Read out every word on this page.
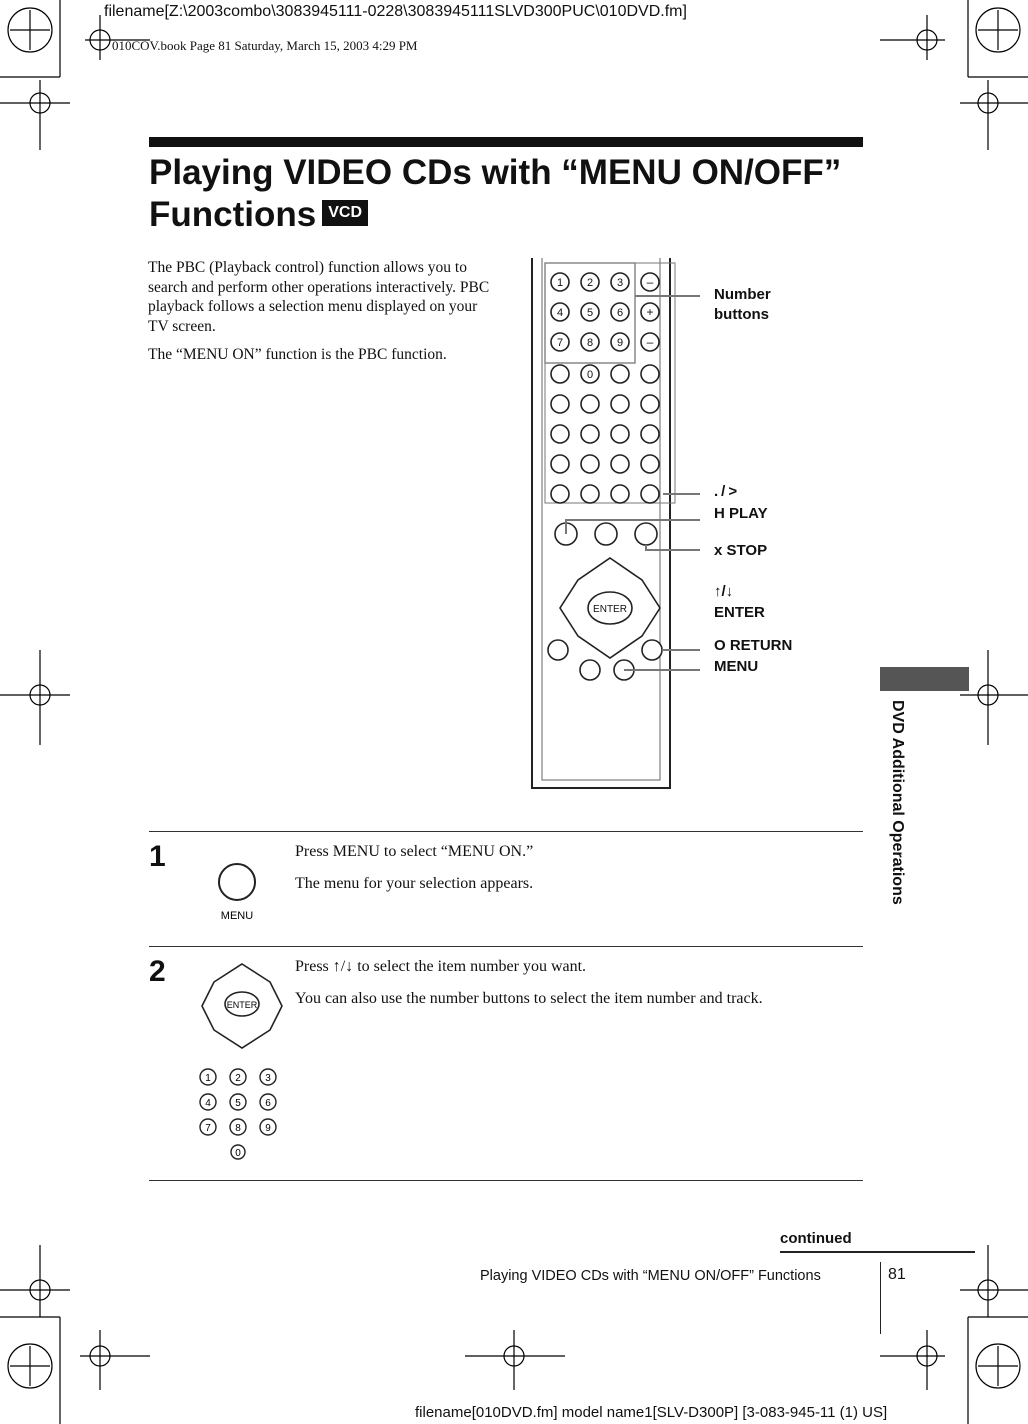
filename[Z:\2003combo\3083945111-0228\3083945111SLVD300PUC\010DVD.fm]
010COV.book Page 81 Saturday, March 15, 2003 4:29 PM
Playing VIDEO CDs with “MENU ON/OFF”
Functions VCD

The PBC (Playback control) function allows you to search and perform other operations interactively. PBC playback follows a selection menu displayed on your TV screen.

The “MENU ON” function is the PBC function.

1 2 3
4 5 6
7 8 9
0
ENTER
–
+
–
Number
buttons
. / >
H PLAY
x STOP
↑/↓
ENTER
O RETURN
MENU
DVD Additional Operations
1
MENU

Press MENU to select “MENU ON.”

The menu for your selection appears.

2
ENTER
1 2 3
4 5 6
7 8 9
0

Press ↑/↓ to select the item number you want.

You can also use the number buttons to select the item number and track.

continued
Playing VIDEO CDs with “MENU ON/OFF” Functions	81
filename[010DVD.fm] model name1[SLV-D300P] [3-083-945-11 (1) US]
